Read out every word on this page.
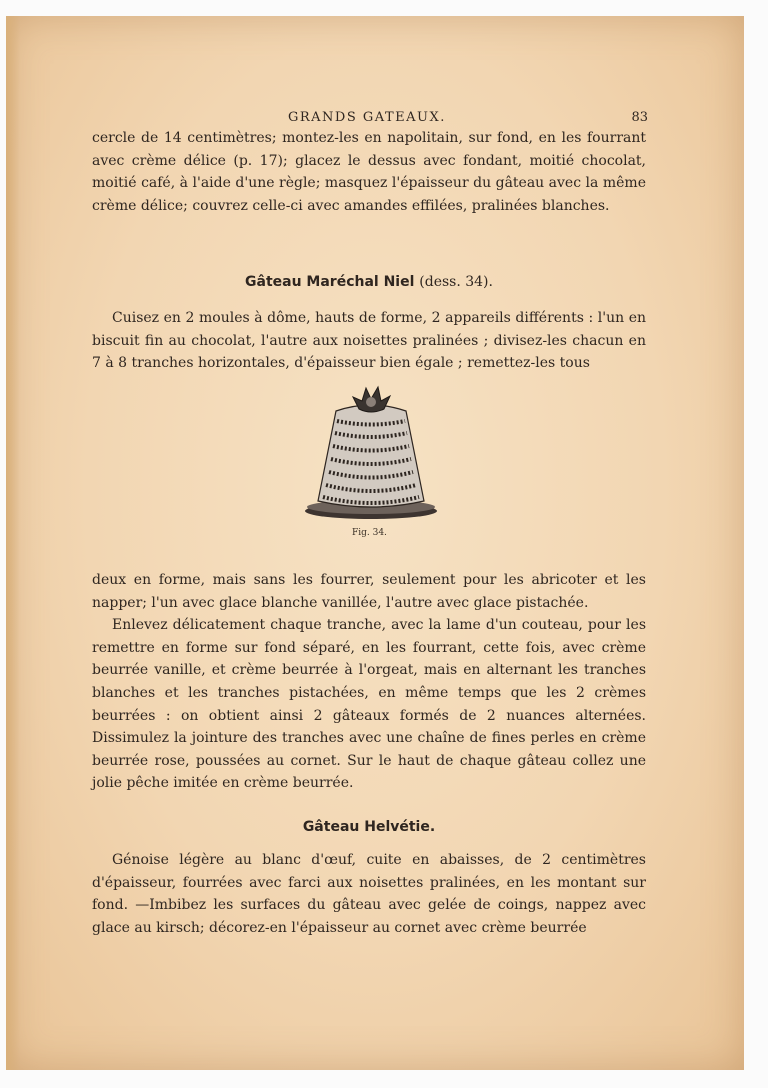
GRANDS GATEAUX.	83

cercle de 14 centimètres; montez-les en napolitain, sur fond, en les fourrant avec crème délice (p. 17); glacez le dessus avec fondant, moitié chocolat, moitié café, à l'aide d'une règle; masquez l'épaisseur du gâteau avec la même crème délice; couvrez celle-ci avec amandes effilées, pralinées blanches.

Gâteau Maréchal Niel (dess. 34).

Cuisez en 2 moules à dôme, hauts de forme, 2 appareils différents : l'un en biscuit fin au chocolat, l'autre aux noisettes pralinées ; divisez-les chacun en 7 à 8 tranches horizontales, d'épaisseur bien égale ; remettez-les tous

Fig. 34.

deux en forme, mais sans les fourrer, seulement pour les abricoter et les napper; l'un avec glace blanche vanillée, l'autre avec glace pistachée.

Enlevez délicatement chaque tranche, avec la lame d'un couteau, pour les remettre en forme sur fond séparé, en les fourrant, cette fois, avec crème beurrée vanille, et crème beurrée à l'orgeat, mais en alternant les tranches blanches et les tranches pistachées, en même temps que les 2 crèmes beurrées : on obtient ainsi 2 gâteaux formés de 2 nuances alternées. Dissimulez la jointure des tranches avec une chaîne de fines perles en crème beurrée rose, poussées au cornet. Sur le haut de chaque gâteau collez une jolie pêche imitée en crème beurrée.

Gâteau Helvétie.

Génoise légère au blanc d'œuf, cuite en abaisses, de 2 centimètres d'épaisseur, fourrées avec farci aux noisettes pralinées, en les montant sur fond. —Imbibez les surfaces du gâteau avec gelée de coings, nappez avec glace au kirsch; décorez-en l'épaisseur au cornet avec crème beurrée
